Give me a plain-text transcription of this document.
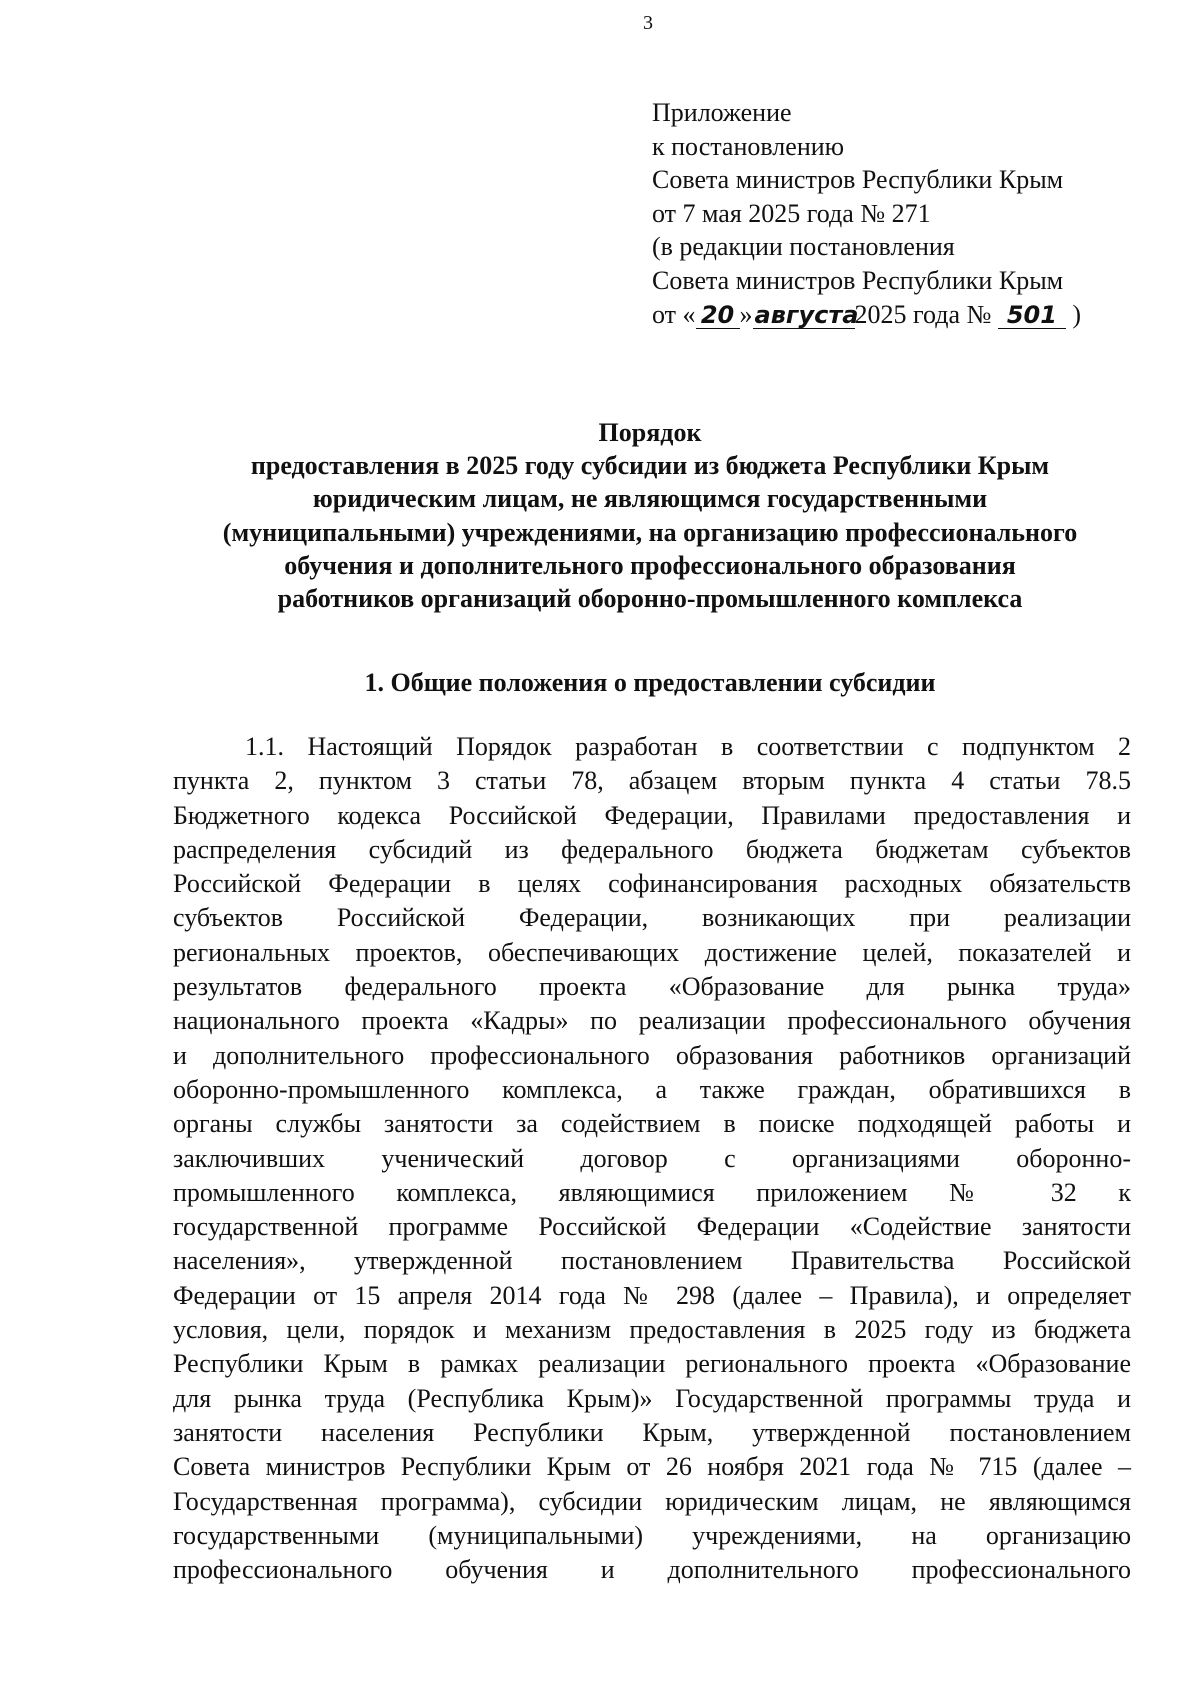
3
Приложение
к постановлению
Совета министров Республики Крым
от 7 мая 2025 года № 271
(в редакции постановления
Совета министров Республики Крым
от « 20 »августа2025 года № 501 )
Порядок
предоставления в 2025 году субсидии из бюджета Республики Крым
юридическим лицам, не являющимся государственными
(муниципальными) учреждениями, на организацию профессионального
обучения и дополнительного профессионального образования
работников организаций оборонно-промышленного комплекса
1. Общие положения о предоставлении субсидии
1.1. Настоящий Порядок разработан в соответствии с подпунктом 2
пункта 2, пунктом 3 статьи 78, абзацем вторым пункта 4 статьи 78.5
Бюджетного кодекса Российской Федерации, Правилами предоставления и
распределения субсидий из федерального бюджета бюджетам субъектов
Российской Федерации в целях софинансирования расходных обязательств
субъектов Российской Федерации, возникающих при реализации
региональных проектов, обеспечивающих достижение целей, показателей и
результатов федерального проекта «Образование для рынка труда»
национального проекта «Кадры» по реализации профессионального обучения
и дополнительного профессионального образования работников организаций
оборонно-промышленного комплекса, а также граждан, обратившихся в
органы службы занятости за содействием в поиске подходящей работы и
заключивших ученический договор с организациями оборонно-
промышленного комплекса, являющимися приложением № 32 к
государственной программе Российской Федерации «Содействие занятости
населения», утвержденной постановлением Правительства Российской
Федерации от 15 апреля 2014 года № 298 (далее – Правила), и определяет
условия, цели, порядок и механизм предоставления в 2025 году из бюджета
Республики Крым в рамках реализации регионального проекта «Образование
для рынка труда (Республика Крым)» Государственной программы труда и
занятости населения Республики Крым, утвержденной постановлением
Совета министров Республики Крым от 26 ноября 2021 года № 715 (далее –
Государственная программа), субсидии юридическим лицам, не являющимся
государственными (муниципальными) учреждениями, на организацию
профессионального обучения и дополнительного профессионального
